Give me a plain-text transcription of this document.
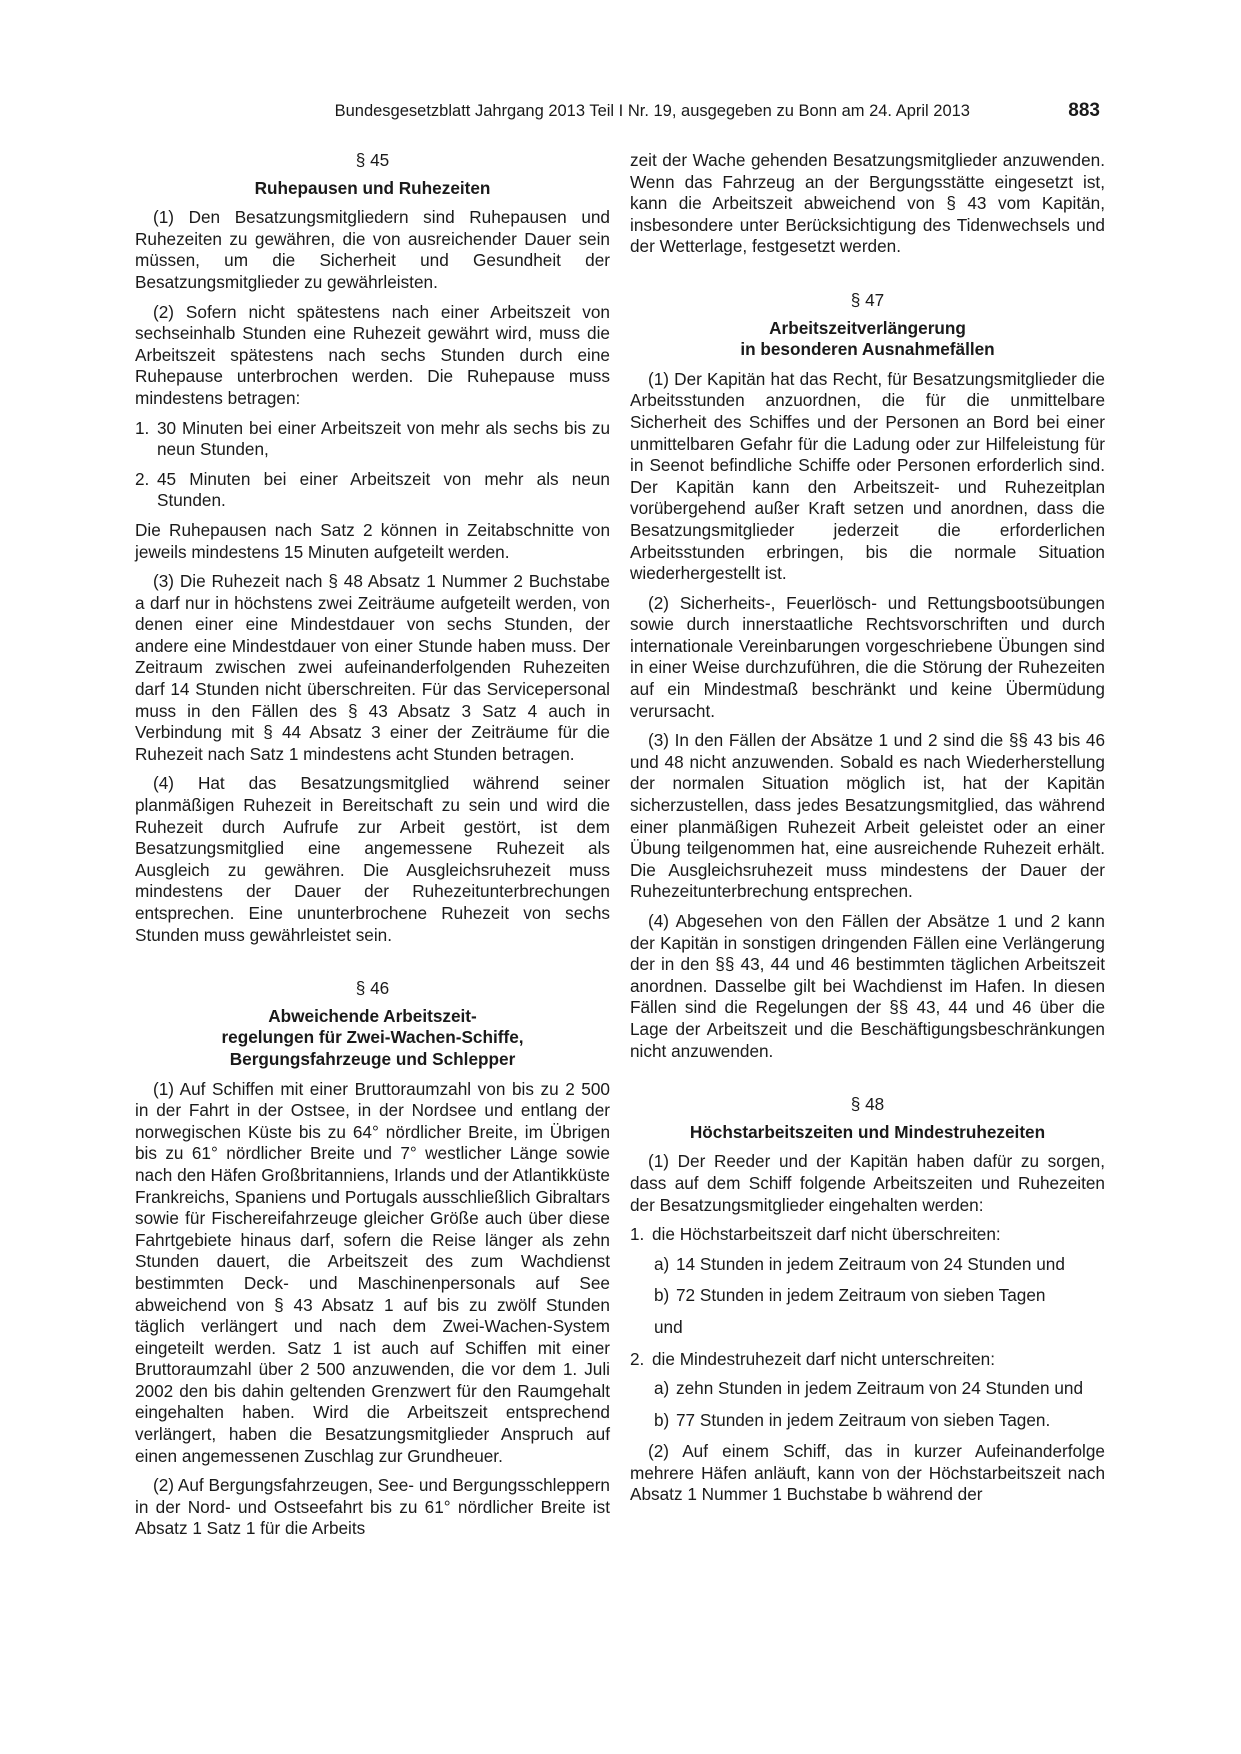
Bundesgesetzblatt Jahrgang 2013 Teil I Nr. 19, ausgegeben zu Bonn am 24. April 2013	883
§ 45
Ruhepausen und Ruhezeiten

(1) Den Besatzungsmitgliedern sind Ruhepausen und Ruhezeiten zu gewähren, die von ausreichender Dauer sein müssen, um die Sicherheit und Gesundheit der Besatzungsmitglieder zu gewährleisten.

(2) Sofern nicht spätestens nach einer Arbeitszeit von sechseinhalb Stunden eine Ruhezeit gewährt wird, muss die Arbeitszeit spätestens nach sechs Stunden durch eine Ruhepause unterbrochen werden. Die Ruhepause muss mindestens betragen:

1. 30 Minuten bei einer Arbeitszeit von mehr als sechs bis zu neun Stunden,
2. 45 Minuten bei einer Arbeitszeit von mehr als neun Stunden.

Die Ruhepausen nach Satz 2 können in Zeitabschnitte von jeweils mindestens 15 Minuten aufgeteilt werden.

(3) Die Ruhezeit nach § 48 Absatz 1 Nummer 2 Buchstabe a darf nur in höchstens zwei Zeiträume aufgeteilt werden, von denen einer eine Mindestdauer von sechs Stunden, der andere eine Mindestdauer von einer Stunde haben muss. Der Zeitraum zwischen zwei aufeinanderfolgenden Ruhezeiten darf 14 Stunden nicht überschreiten. Für das Servicepersonal muss in den Fällen des § 43 Absatz 3 Satz 4 auch in Verbindung mit § 44 Absatz 3 einer der Zeiträume für die Ruhezeit nach Satz 1 mindestens acht Stunden betragen.

(4) Hat das Besatzungsmitglied während seiner planmäßigen Ruhezeit in Bereitschaft zu sein und wird die Ruhezeit durch Aufrufe zur Arbeit gestört, ist dem Besatzungsmitglied eine angemessene Ruhezeit als Ausgleich zu gewähren. Die Ausgleichsruhezeit muss mindestens der Dauer der Ruhezeitunterbrechungen entsprechen. Eine ununterbrochene Ruhezeit von sechs Stunden muss gewährleistet sein.

§ 46
Abweichende Arbeitszeit-
regelungen für Zwei-Wachen-Schiffe,
Bergungsfahrzeuge und Schlepper

(1) Auf Schiffen mit einer Bruttoraumzahl von bis zu 2 500 in der Fahrt in der Ostsee, in der Nordsee und entlang der norwegischen Küste bis zu 64° nördlicher Breite, im Übrigen bis zu 61° nördlicher Breite und 7° westlicher Länge sowie nach den Häfen Großbritanniens, Irlands und der Atlantikküste Frankreichs, Spaniens und Portugals ausschließlich Gibraltars sowie für Fischereifahrzeuge gleicher Größe auch über diese Fahrtgebiete hinaus darf, sofern die Reise länger als zehn Stunden dauert, die Arbeitszeit des zum Wachdienst bestimmten Deck- und Maschinenpersonals auf See abweichend von § 43 Absatz 1 auf bis zu zwölf Stunden täglich verlängert und nach dem Zwei-Wachen-System eingeteilt werden. Satz 1 ist auch auf Schiffen mit einer Bruttoraumzahl über 2 500 anzuwenden, die vor dem 1. Juli 2002 den bis dahin geltenden Grenzwert für den Raumgehalt eingehalten haben. Wird die Arbeitszeit entsprechend verlängert, haben die Besatzungsmitglieder Anspruch auf einen angemessenen Zuschlag zur Grundheuer.

(2) Auf Bergungsfahrzeugen, See- und Bergungsschleppern in der Nord- und Ostseefahrt bis zu 61° nördlicher Breite ist Absatz 1 Satz 1 für die Arbeits

zeit der Wache gehenden Besatzungsmitglieder anzuwenden. Wenn das Fahrzeug an der Bergungsstätte eingesetzt ist, kann die Arbeitszeit abweichend von § 43 vom Kapitän, insbesondere unter Berücksichtigung des Tidenwechsels und der Wetterlage, festgesetzt werden.

§ 47
Arbeitszeitverlängerung
in besonderen Ausnahmefällen

(1) Der Kapitän hat das Recht, für Besatzungsmitglieder die Arbeitsstunden anzuordnen, die für die unmittelbare Sicherheit des Schiffes und der Personen an Bord bei einer unmittelbaren Gefahr für die Ladung oder zur Hilfeleistung für in Seenot befindliche Schiffe oder Personen erforderlich sind. Der Kapitän kann den Arbeitszeit- und Ruhezeitplan vorübergehend außer Kraft setzen und anordnen, dass die Besatzungsmitglieder jederzeit die erforderlichen Arbeitsstunden erbringen, bis die normale Situation wiederhergestellt ist.

(2) Sicherheits-, Feuerlösch- und Rettungsbootsübungen sowie durch innerstaatliche Rechtsvorschriften und durch internationale Vereinbarungen vorgeschriebene Übungen sind in einer Weise durchzuführen, die die Störung der Ruhezeiten auf ein Mindestmaß beschränkt und keine Übermüdung verursacht.

(3) In den Fällen der Absätze 1 und 2 sind die §§ 43 bis 46 und 48 nicht anzuwenden. Sobald es nach Wiederherstellung der normalen Situation möglich ist, hat der Kapitän sicherzustellen, dass jedes Besatzungsmitglied, das während einer planmäßigen Ruhezeit Arbeit geleistet oder an einer Übung teilgenommen hat, eine ausreichende Ruhezeit erhält. Die Ausgleichsruhezeit muss mindestens der Dauer der Ruhezeitunterbrechung entsprechen.

(4) Abgesehen von den Fällen der Absätze 1 und 2 kann der Kapitän in sonstigen dringenden Fällen eine Verlängerung der in den §§ 43, 44 und 46 bestimmten täglichen Arbeitszeit anordnen. Dasselbe gilt bei Wachdienst im Hafen. In diesen Fällen sind die Regelungen der §§ 43, 44 und 46 über die Lage der Arbeitszeit und die Beschäftigungsbeschränkungen nicht anzuwenden.

§ 48
Höchstarbeitszeiten und Mindestruhezeiten

(1) Der Reeder und der Kapitän haben dafür zu sorgen, dass auf dem Schiff folgende Arbeitszeiten und Ruhezeiten der Besatzungsmitglieder eingehalten werden:

1. die Höchstarbeitszeit darf nicht überschreiten:
a) 14 Stunden in jedem Zeitraum von 24 Stunden und
b) 72 Stunden in jedem Zeitraum von sieben Tagen
und
2. die Mindestruhezeit darf nicht unterschreiten:
a) zehn Stunden in jedem Zeitraum von 24 Stunden und
b) 77 Stunden in jedem Zeitraum von sieben Tagen.

(2) Auf einem Schiff, das in kurzer Aufeinanderfolge mehrere Häfen anläuft, kann von der Höchstarbeitszeit nach Absatz 1 Nummer 1 Buchstabe b während der
